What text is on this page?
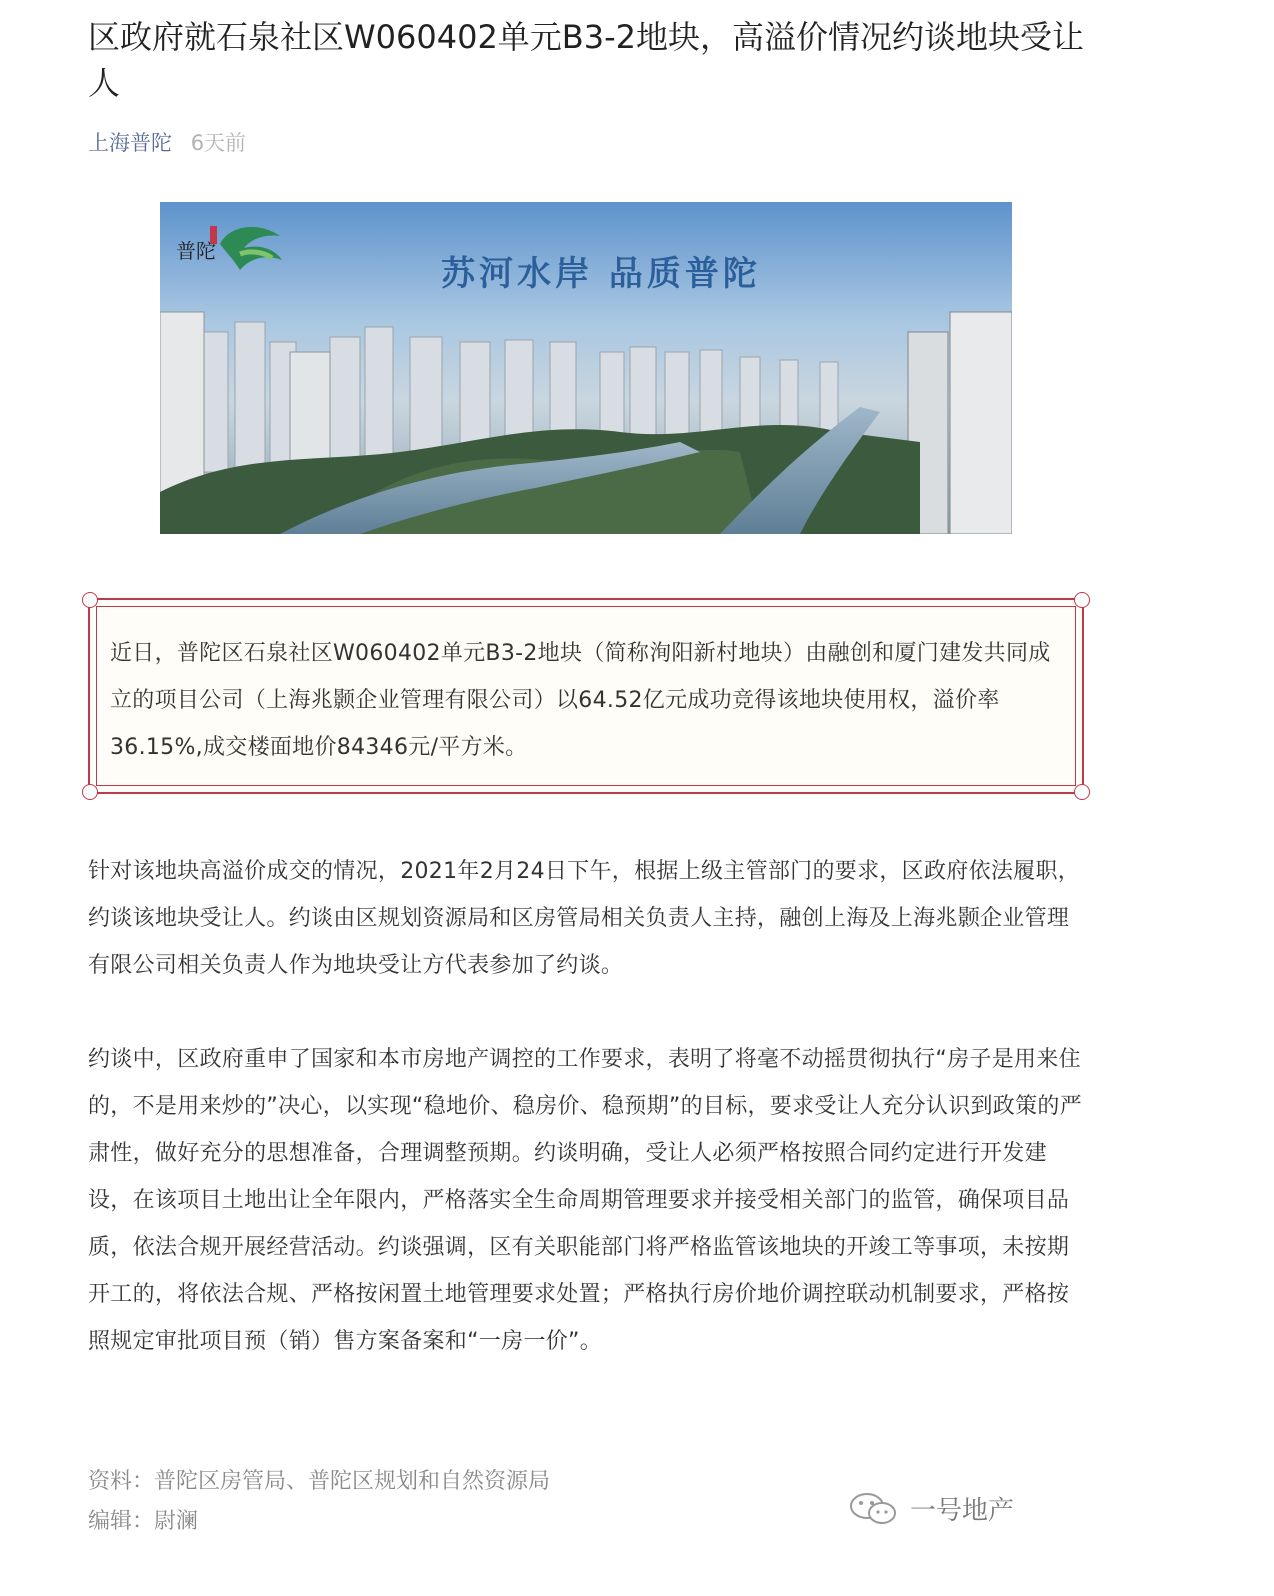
区政府就石泉社区W060402单元B3-2地块，高溢价情况约谈地块受让人
上海普陀 6天前
普陀
苏河水岸 品质普陀
近日，普陀区石泉社区W060402单元B3-2地块（简称洵阳新村地块）由融创和厦门建发共同成立的项目公司（上海兆颢企业管理有限公司）以64.52亿元成功竞得该地块使用权，溢价率36.15%,成交楼面地价84346元/平方米。

针对该地块高溢价成交的情况，2021年2月24日下午，根据上级主管部门的要求，区政府依法履职，约谈该地块受让人。约谈由区规划资源局和区房管局相关负责人主持，融创上海及上海兆颢企业管理有限公司相关负责人作为地块受让方代表参加了约谈。

约谈中，区政府重申了国家和本市房地产调控的工作要求，表明了将毫不动摇贯彻执行“房子是用来住的，不是用来炒的”决心，以实现“稳地价、稳房价、稳预期”的目标，要求受让人充分认识到政策的严肃性，做好充分的思想准备，合理调整预期。约谈明确，受让人必须严格按照合同约定进行开发建设，在该项目土地出让全年限内，严格落实全生命周期管理要求并接受相关部门的监管，确保项目品质，依法合规开展经营活动。约谈强调，区有关职能部门将严格监管该地块的开竣工等事项，未按期开工的，将依法合规、严格按闲置土地管理要求处置；严格执行房价地价调控联动机制要求，严格按照规定审批项目预（销）售方案备案和“一房一价”。

资料：普陀区房管局、普陀区规划和自然资源局
编辑：尉澜	一号地产
